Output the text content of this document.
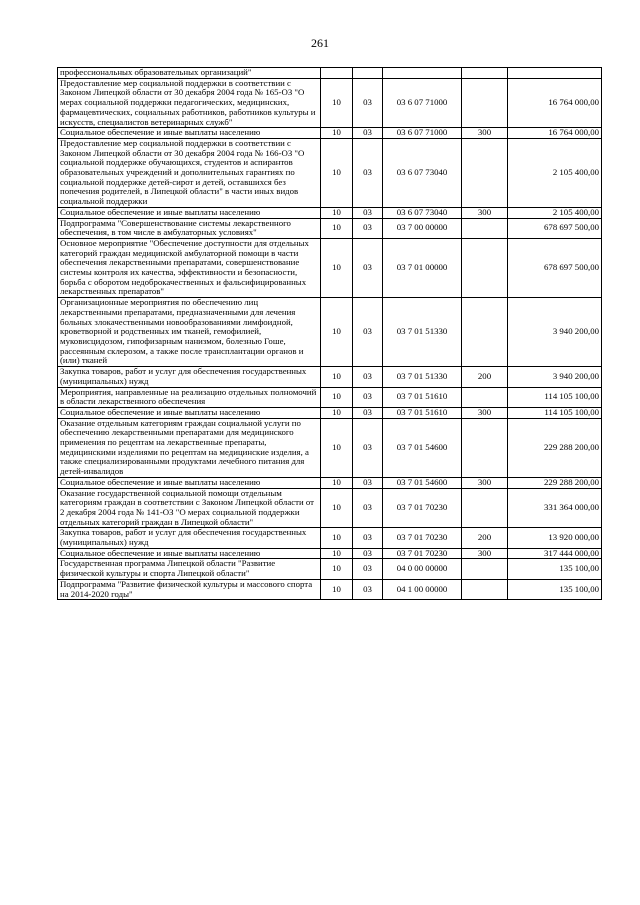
261
профессиональных образовательных организаций"					
Предоставление мер социальной поддержки в соответствии с Законом Липецкой области от 30 декабря 2004 года № 165-ОЗ "О мерах социальной поддержки педагогических, медицинских, фармацевтических, социальных работников, работников культуры и искусств, специалистов ветеринарных служб"	10	03	03 6 07 71000		16 764 000,00
Социальное обеспечение и иные выплаты населению	10	03	03 6 07 71000	300	16 764 000,00
Предоставление мер социальной поддержки в соответствии с Законом Липецкой области от 30 декабря 2004 года № 166-ОЗ "О социальной поддержке обучающихся, студентов и аспирантов образовательных учреждений и дополнительных гарантиях по социальной поддержке детей-сирот и детей, оставшихся без попечения родителей, в Липецкой области" в части иных видов социальной поддержки	10	03	03 6 07 73040		2 105 400,00
Социальное обеспечение и иные выплаты населению	10	03	03 6 07 73040	300	2 105 400,00
Подпрограмма "Совершенствование системы лекарственного обеспечения, в том числе в амбулаторных условиях"	10	03	03 7 00 00000		678 697 500,00
Основное мероприятие "Обеспечение доступности для отдельных категорий граждан медицинской амбулаторной помощи в части обеспечения лекарственными препаратами, совершенствование системы контроля их качества, эффективности и безопасности, борьба с оборотом недоброкачественных и фальсифицированных лекарственных препаратов"	10	03	03 7 01 00000		678 697 500,00
Организационные мероприятия по обеспечению лиц лекарственными препаратами, предназначенными для лечения больных злокачественными новообразованиями лимфоидной, кроветворной и родственных им тканей, гемофилией, муковисцидозом, гипофизарным нанизмом, болезнью Гоше, рассеянным склерозом, а также после трансплантации органов и (или) тканей	10	03	03 7 01 51330		3 940 200,00
Закупка товаров, работ и услуг для обеспечения государственных (муниципальных) нужд	10	03	03 7 01 51330	200	3 940 200,00
Мероприятия, направленные на реализацию отдельных полномочий в области лекарственного обеспечения	10	03	03 7 01 51610		114 105 100,00
Социальное обеспечение и иные выплаты населению	10	03	03 7 01 51610	300	114 105 100,00
Оказание отдельным категориям граждан социальной услуги по обеспечению лекарственными препаратами для медицинского применения по рецептам на лекарственные препараты, медицинскими изделиями по рецептам на медицинские изделия, а также специализированными продуктами лечебного питания для детей-инвалидов	10	03	03 7 01 54600		229 288 200,00
Социальное обеспечение и иные выплаты населению	10	03	03 7 01 54600	300	229 288 200,00
Оказание государственной социальной помощи отдельным категориям граждан в соответствии с Законом Липецкой области от 2 декабря 2004 года № 141-ОЗ "О мерах социальной поддержки отдельных категорий граждан в Липецкой области"	10	03	03 7 01 70230		331 364 000,00
Закупка товаров, работ и услуг для обеспечения государственных (муниципальных) нужд	10	03	03 7 01 70230	200	13 920 000,00
Социальное обеспечение и иные выплаты населению	10	03	03 7 01 70230	300	317 444 000,00
Государственная программа Липецкой области "Развитие физической культуры и спорта Липецкой области"	10	03	04 0 00 00000		135 100,00
Подпрограмма "Развитие физической культуры и массового спорта на 2014-2020 годы"	10	03	04 1 00 00000		135 100,00
